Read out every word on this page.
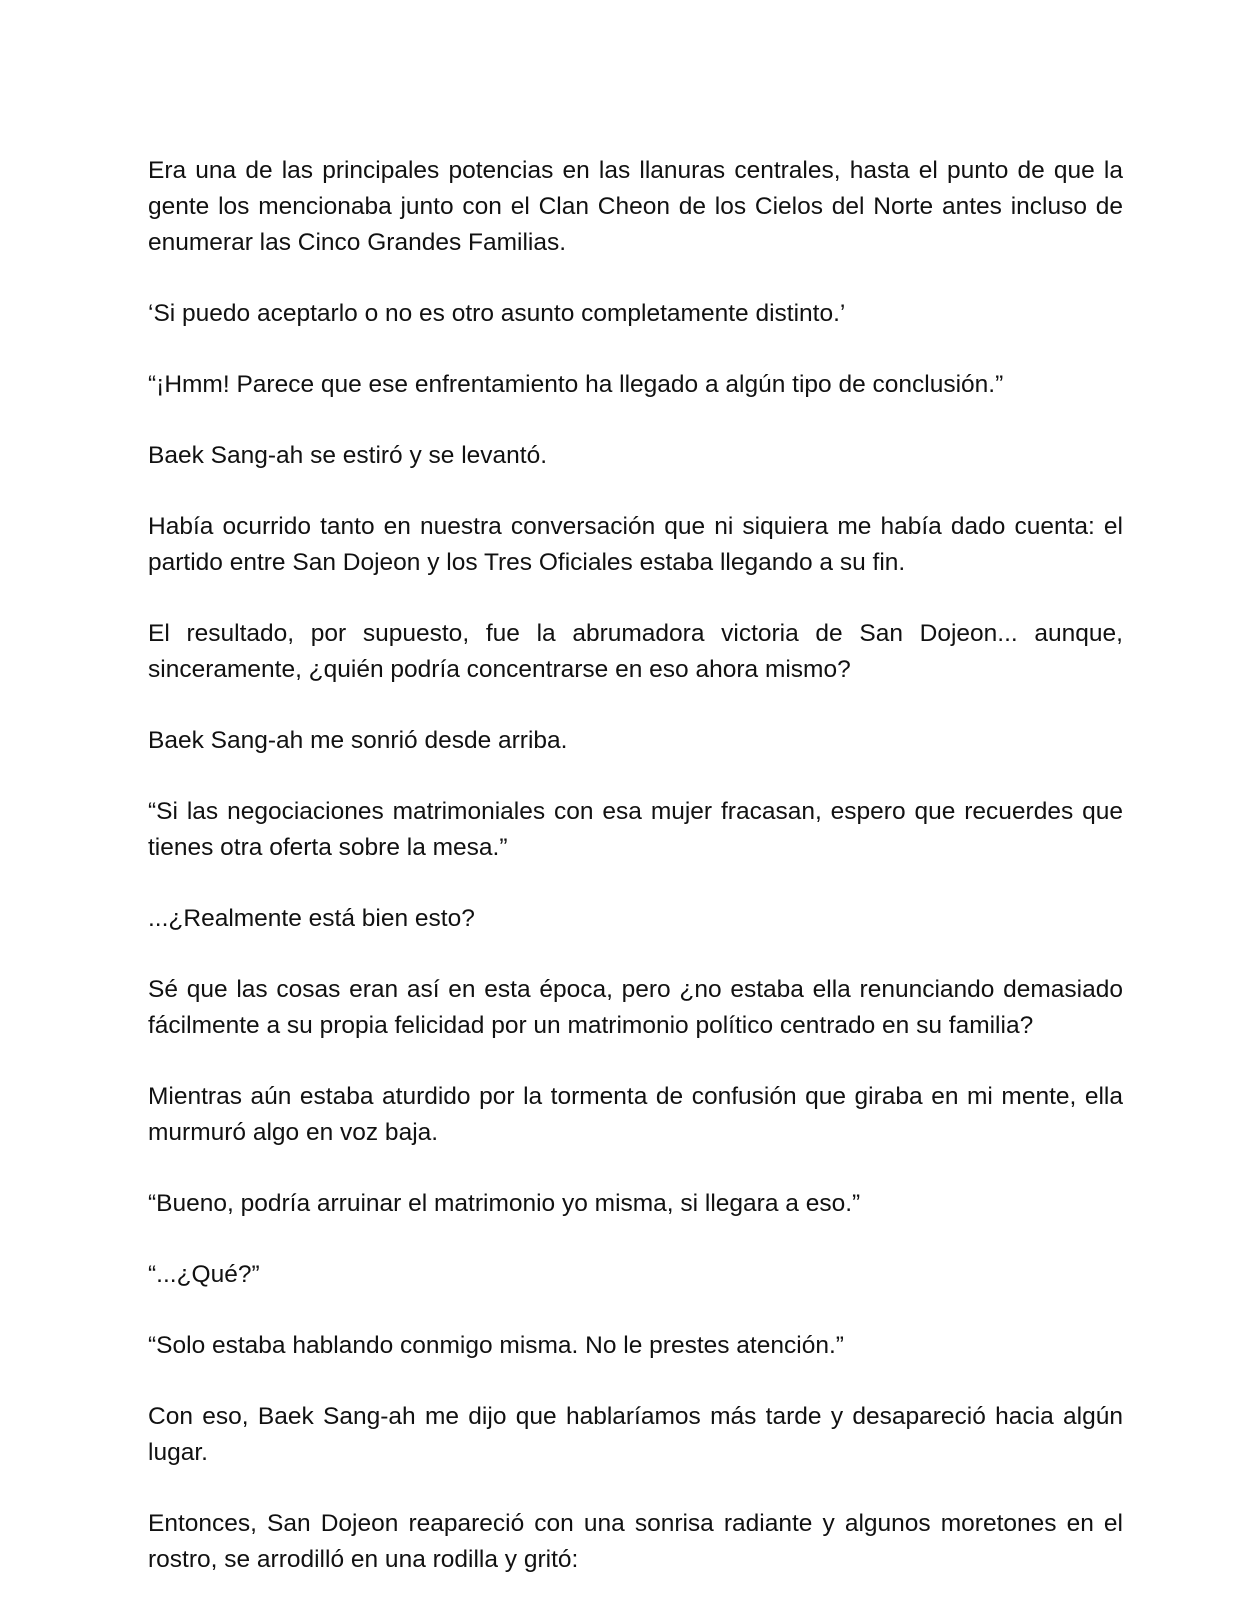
Era una de las principales potencias en las llanuras centrales, hasta el punto de que la gente los mencionaba junto con el Clan Cheon de los Cielos del Norte antes incluso de enumerar las Cinco Grandes Familias.

‘Si puedo aceptarlo o no es otro asunto completamente distinto.’

“¡Hmm! Parece que ese enfrentamiento ha llegado a algún tipo de conclusión.”

Baek Sang-ah se estiró y se levantó.

Había ocurrido tanto en nuestra conversación que ni siquiera me había dado cuenta: el partido entre San Dojeon y los Tres Oficiales estaba llegando a su fin.

El resultado, por supuesto, fue la abrumadora victoria de San Dojeon... aunque, sinceramente, ¿quién podría concentrarse en eso ahora mismo?

Baek Sang-ah me sonrió desde arriba.

“Si las negociaciones matrimoniales con esa mujer fracasan, espero que recuerdes que tienes otra oferta sobre la mesa.”

...¿Realmente está bien esto?

Sé que las cosas eran así en esta época, pero ¿no estaba ella renunciando demasiado fácilmente a su propia felicidad por un matrimonio político centrado en su familia?

Mientras aún estaba aturdido por la tormenta de confusión que giraba en mi mente, ella murmuró algo en voz baja.

“Bueno, podría arruinar el matrimonio yo misma, si llegara a eso.”

“...¿Qué?”

“Solo estaba hablando conmigo misma. No le prestes atención.”

Con eso, Baek Sang-ah me dijo que hablaríamos más tarde y desapareció hacia algún lugar.

Entonces, San Dojeon reapareció con una sonrisa radiante y algunos moretones en el rostro, se arrodilló en una rodilla y gritó:
